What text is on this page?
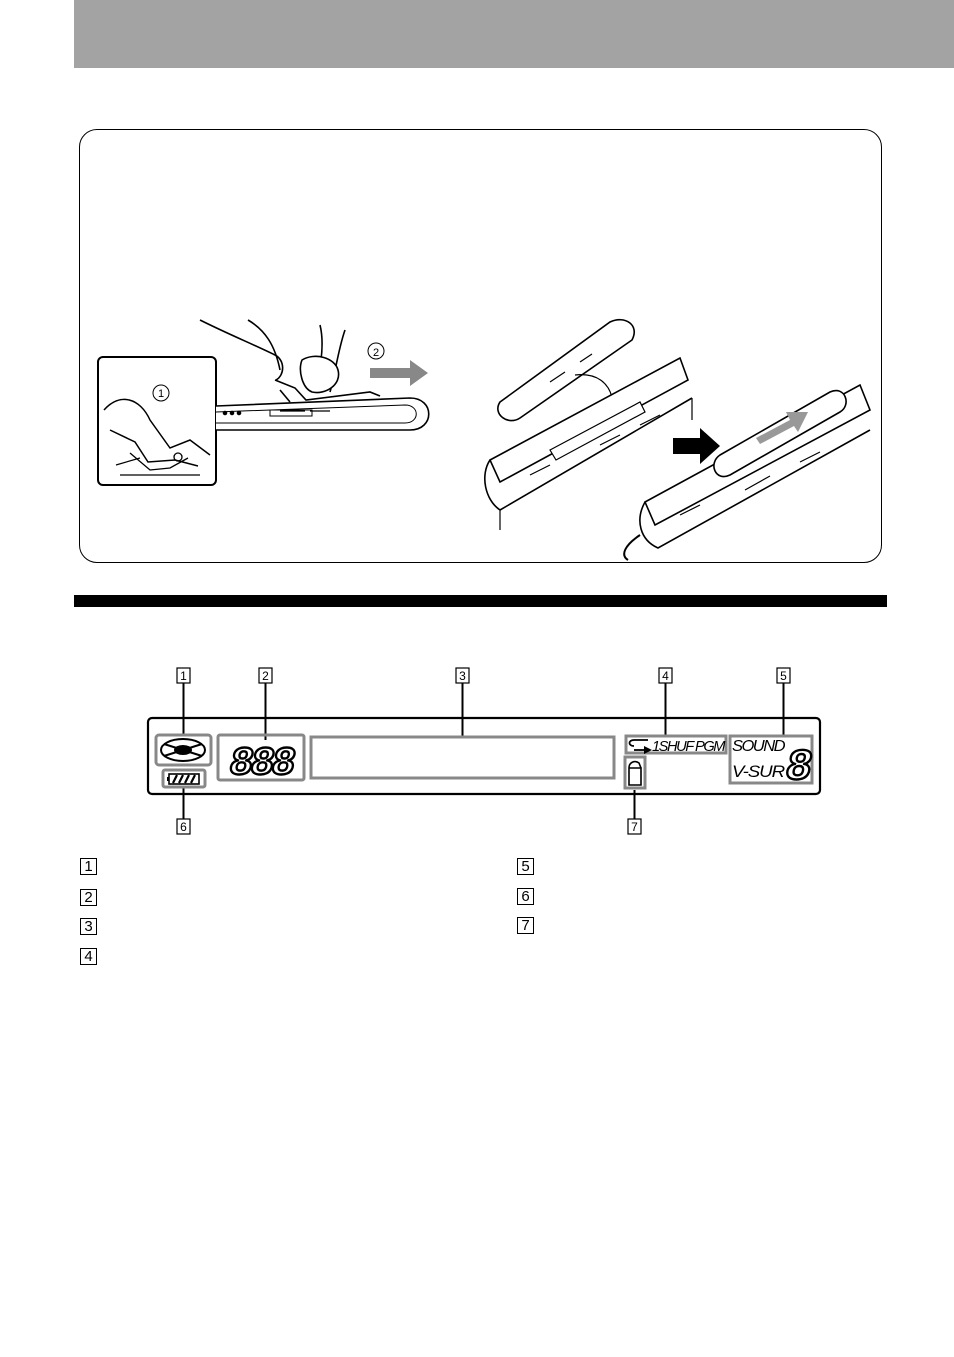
2
1
1	2	3	4	5
6	7
888	1SHUF PGM SOUND
V-SUR 8
1
2
3
4
5
6
7
